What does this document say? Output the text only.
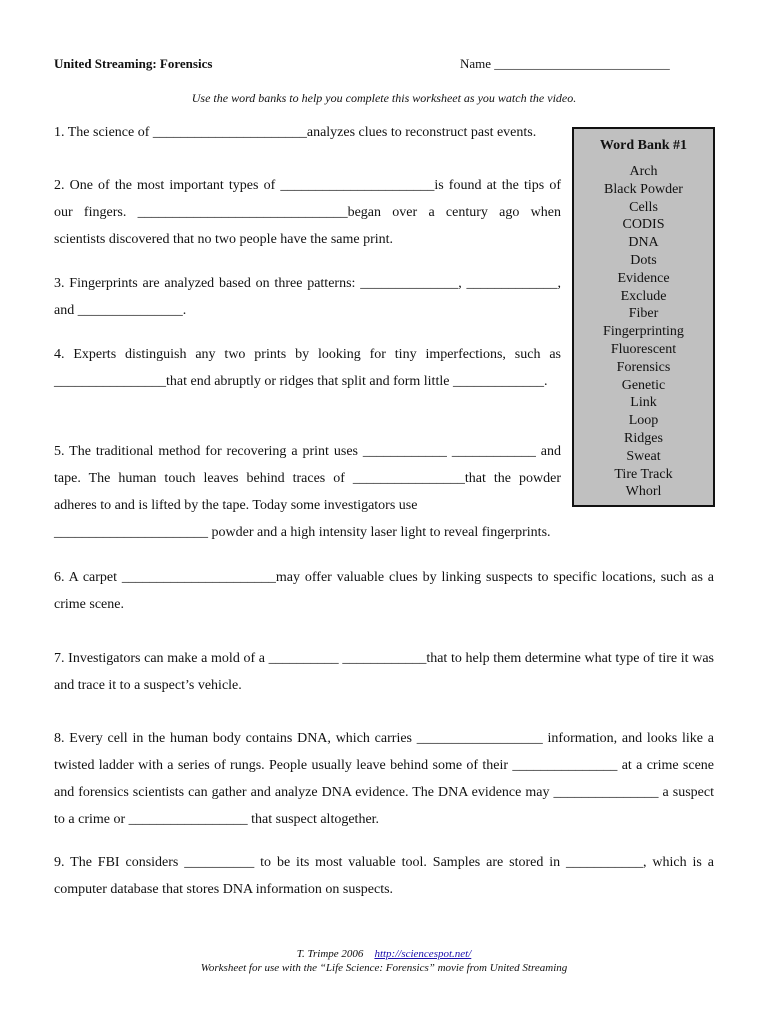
United Streaming: Forensics	Name ___________________________
Use the word banks to help you complete this worksheet as you watch the video.

1. The science of ______________________analyzes clues to reconstruct past events.

2. One of the most important types of ______________________is found at the tips of our fingers. ______________________________began over a century ago when scientists discovered that no two people have the same print.

3. Fingerprints are analyzed based on three patterns: ______________, _____________, and _______________.

4. Experts distinguish any two prints by looking for tiny imperfections, such as ________________that end abruptly or ridges that split and form little _____________.

5. The traditional method for recovering a print uses ____________ ____________ and tape. The human touch leaves behind traces of ________________that the powder adheres to and is lifted by the tape. Today some investigators use

______________________ powder and a high intensity laser light to reveal fingerprints.

6. A carpet ______________________may offer valuable clues by linking suspects to specific locations, such as a crime scene.

7. Investigators can make a mold of a __________ ____________that to help them determine what type of tire it was and trace it to a suspect’s vehicle.

8. Every cell in the human body contains DNA, which carries __________________ information, and looks like a twisted ladder with a series of rungs. People usually leave behind some of their _______________ at a crime scene and forensics scientists can gather and analyze DNA evidence. The DNA evidence may _______________ a suspect to a crime or _________________ that suspect altogether.

9. The FBI considers __________ to be its most valuable tool. Samples are stored in ___________, which is a computer database that stores DNA information on suspects.

Word Bank #1
Arch
Black Powder
Cells
CODIS
DNA
Dots
Evidence
Exclude
Fiber
Fingerprinting
Fluorescent
Forensics
Genetic
Link
Loop
Ridges
Sweat
Tire Track
Whorl
T. Trimpe 2006 http://sciencespot.net/
Worksheet for use with the “Life Science: Forensics” movie from United Streaming
